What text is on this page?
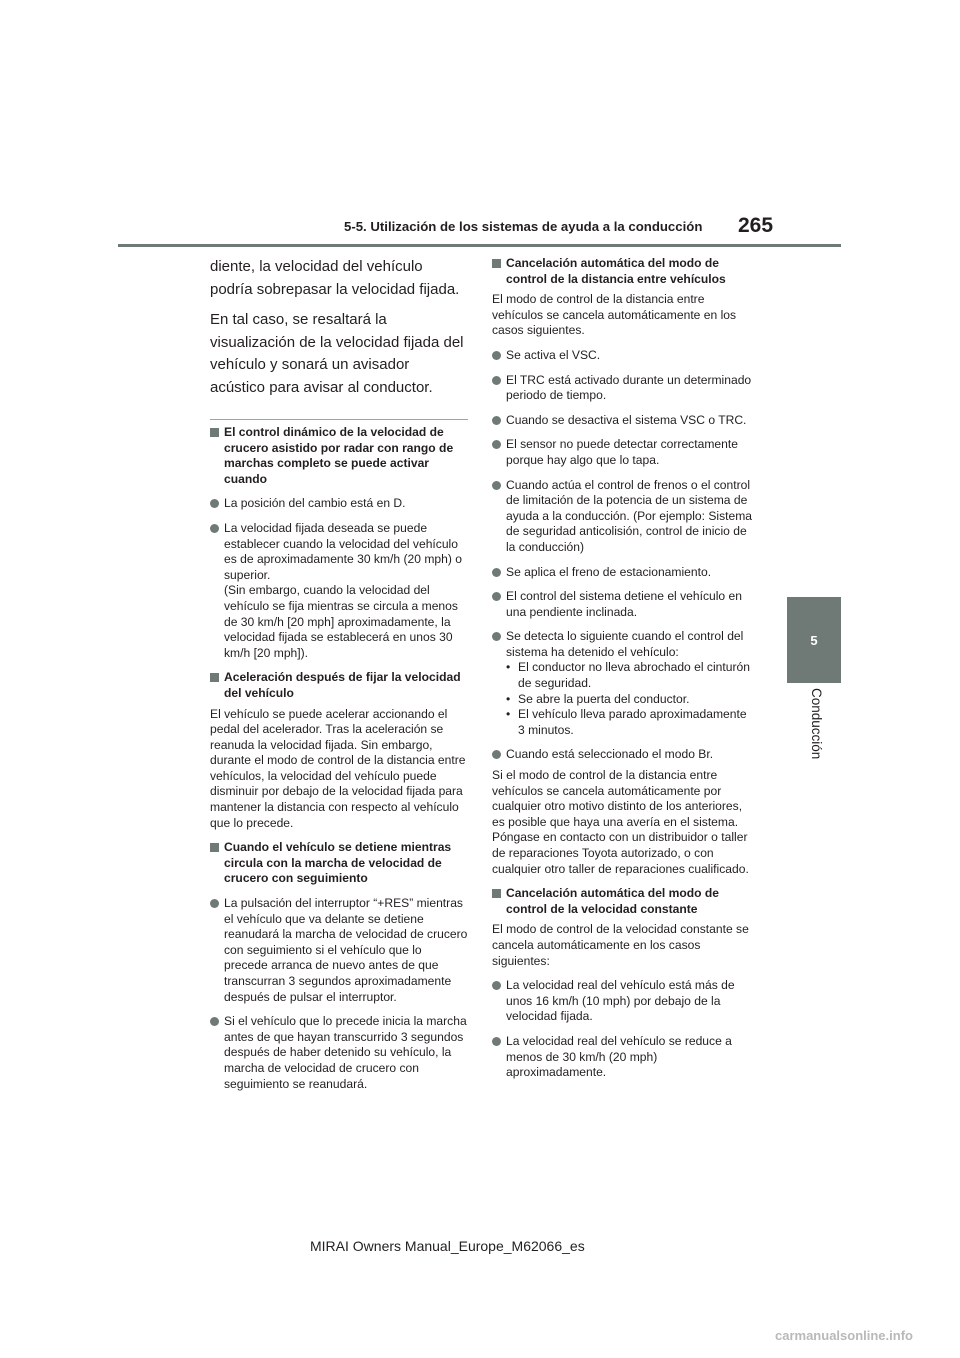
5-5. Utilización de los sistemas de ayuda a la conducción 265
5
Conducción

diente, la velocidad del vehículo podría sobrepasar la velocidad fijada.

En tal caso, se resaltará la visualización de la velocidad fijada del vehículo y sonará un avisador acústico para avisar al conductor.

El control dinámico de la velocidad de crucero asistido por radar con rango de marchas completo se puede activar cuando
La posición del cambio está en D.
La velocidad fijada deseada se puede establecer cuando la velocidad del vehículo es de aproximadamente 30 km/h (20 mph) o superior.
(Sin embargo, cuando la velocidad del vehículo se fija mientras se circula a menos de 30 km/h [20 mph] aproximadamente, la velocidad fijada se establecerá en unos 30 km/h [20 mph]).
Aceleración después de fijar la velocidad del vehículo
El vehículo se puede acelerar accionando el pedal del acelerador. Tras la aceleración se reanuda la velocidad fijada. Sin embargo, durante el modo de control de la distancia entre vehículos, la velocidad del vehículo puede disminuir por debajo de la velocidad fijada para mantener la distancia con respecto al vehículo que lo precede.
Cuando el vehículo se detiene mientras circula con la marcha de velocidad de crucero con seguimiento
La pulsación del interruptor “+RES” mientras el vehículo que va delante se detiene reanudará la marcha de velocidad de crucero con seguimiento si el vehículo que lo precede arranca de nuevo antes de que transcurran 3 segundos aproximadamente después de pulsar el interruptor.
Si el vehículo que lo precede inicia la marcha antes de que hayan transcurrido 3 segundos después de haber detenido su vehículo, la marcha de velocidad de crucero con seguimiento se reanudará.
Cancelación automática del modo de control de la distancia entre vehículos
El modo de control de la distancia entre vehículos se cancela automáticamente en los casos siguientes.
Se activa el VSC.
El TRC está activado durante un determinado periodo de tiempo.
Cuando se desactiva el sistema VSC o TRC.
El sensor no puede detectar correctamente porque hay algo que lo tapa.
Cuando actúa el control de frenos o el control de limitación de la potencia de un sistema de ayuda a la conducción. (Por ejemplo: Sistema de seguridad anticolisión, control de inicio de la conducción)
Se aplica el freno de estacionamiento.
El control del sistema detiene el vehículo en una pendiente inclinada.
Se detecta lo siguiente cuando el control del sistema ha detenido el vehículo:
• El conductor no lleva abrochado el cinturón de seguridad.
• Se abre la puerta del conductor.
• El vehículo lleva parado aproximadamente 3 minutos.
Cuando está seleccionado el modo Br.
Si el modo de control de la distancia entre vehículos se cancela automáticamente por cualquier otro motivo distinto de los anteriores, es posible que haya una avería en el sistema. Póngase en contacto con un distribuidor o taller de reparaciones Toyota autorizado, o con cualquier otro taller de reparaciones cualificado.
Cancelación automática del modo de control de la velocidad constante
El modo de control de la velocidad constante se cancela automáticamente en los casos siguientes:
La velocidad real del vehículo está más de unos 16 km/h (10 mph) por debajo de la velocidad fijada.
La velocidad real del vehículo se reduce a menos de 30 km/h (20 mph) aproximadamente.
MIRAI Owners Manual_Europe_M62066_es
carmanualsonline.info
